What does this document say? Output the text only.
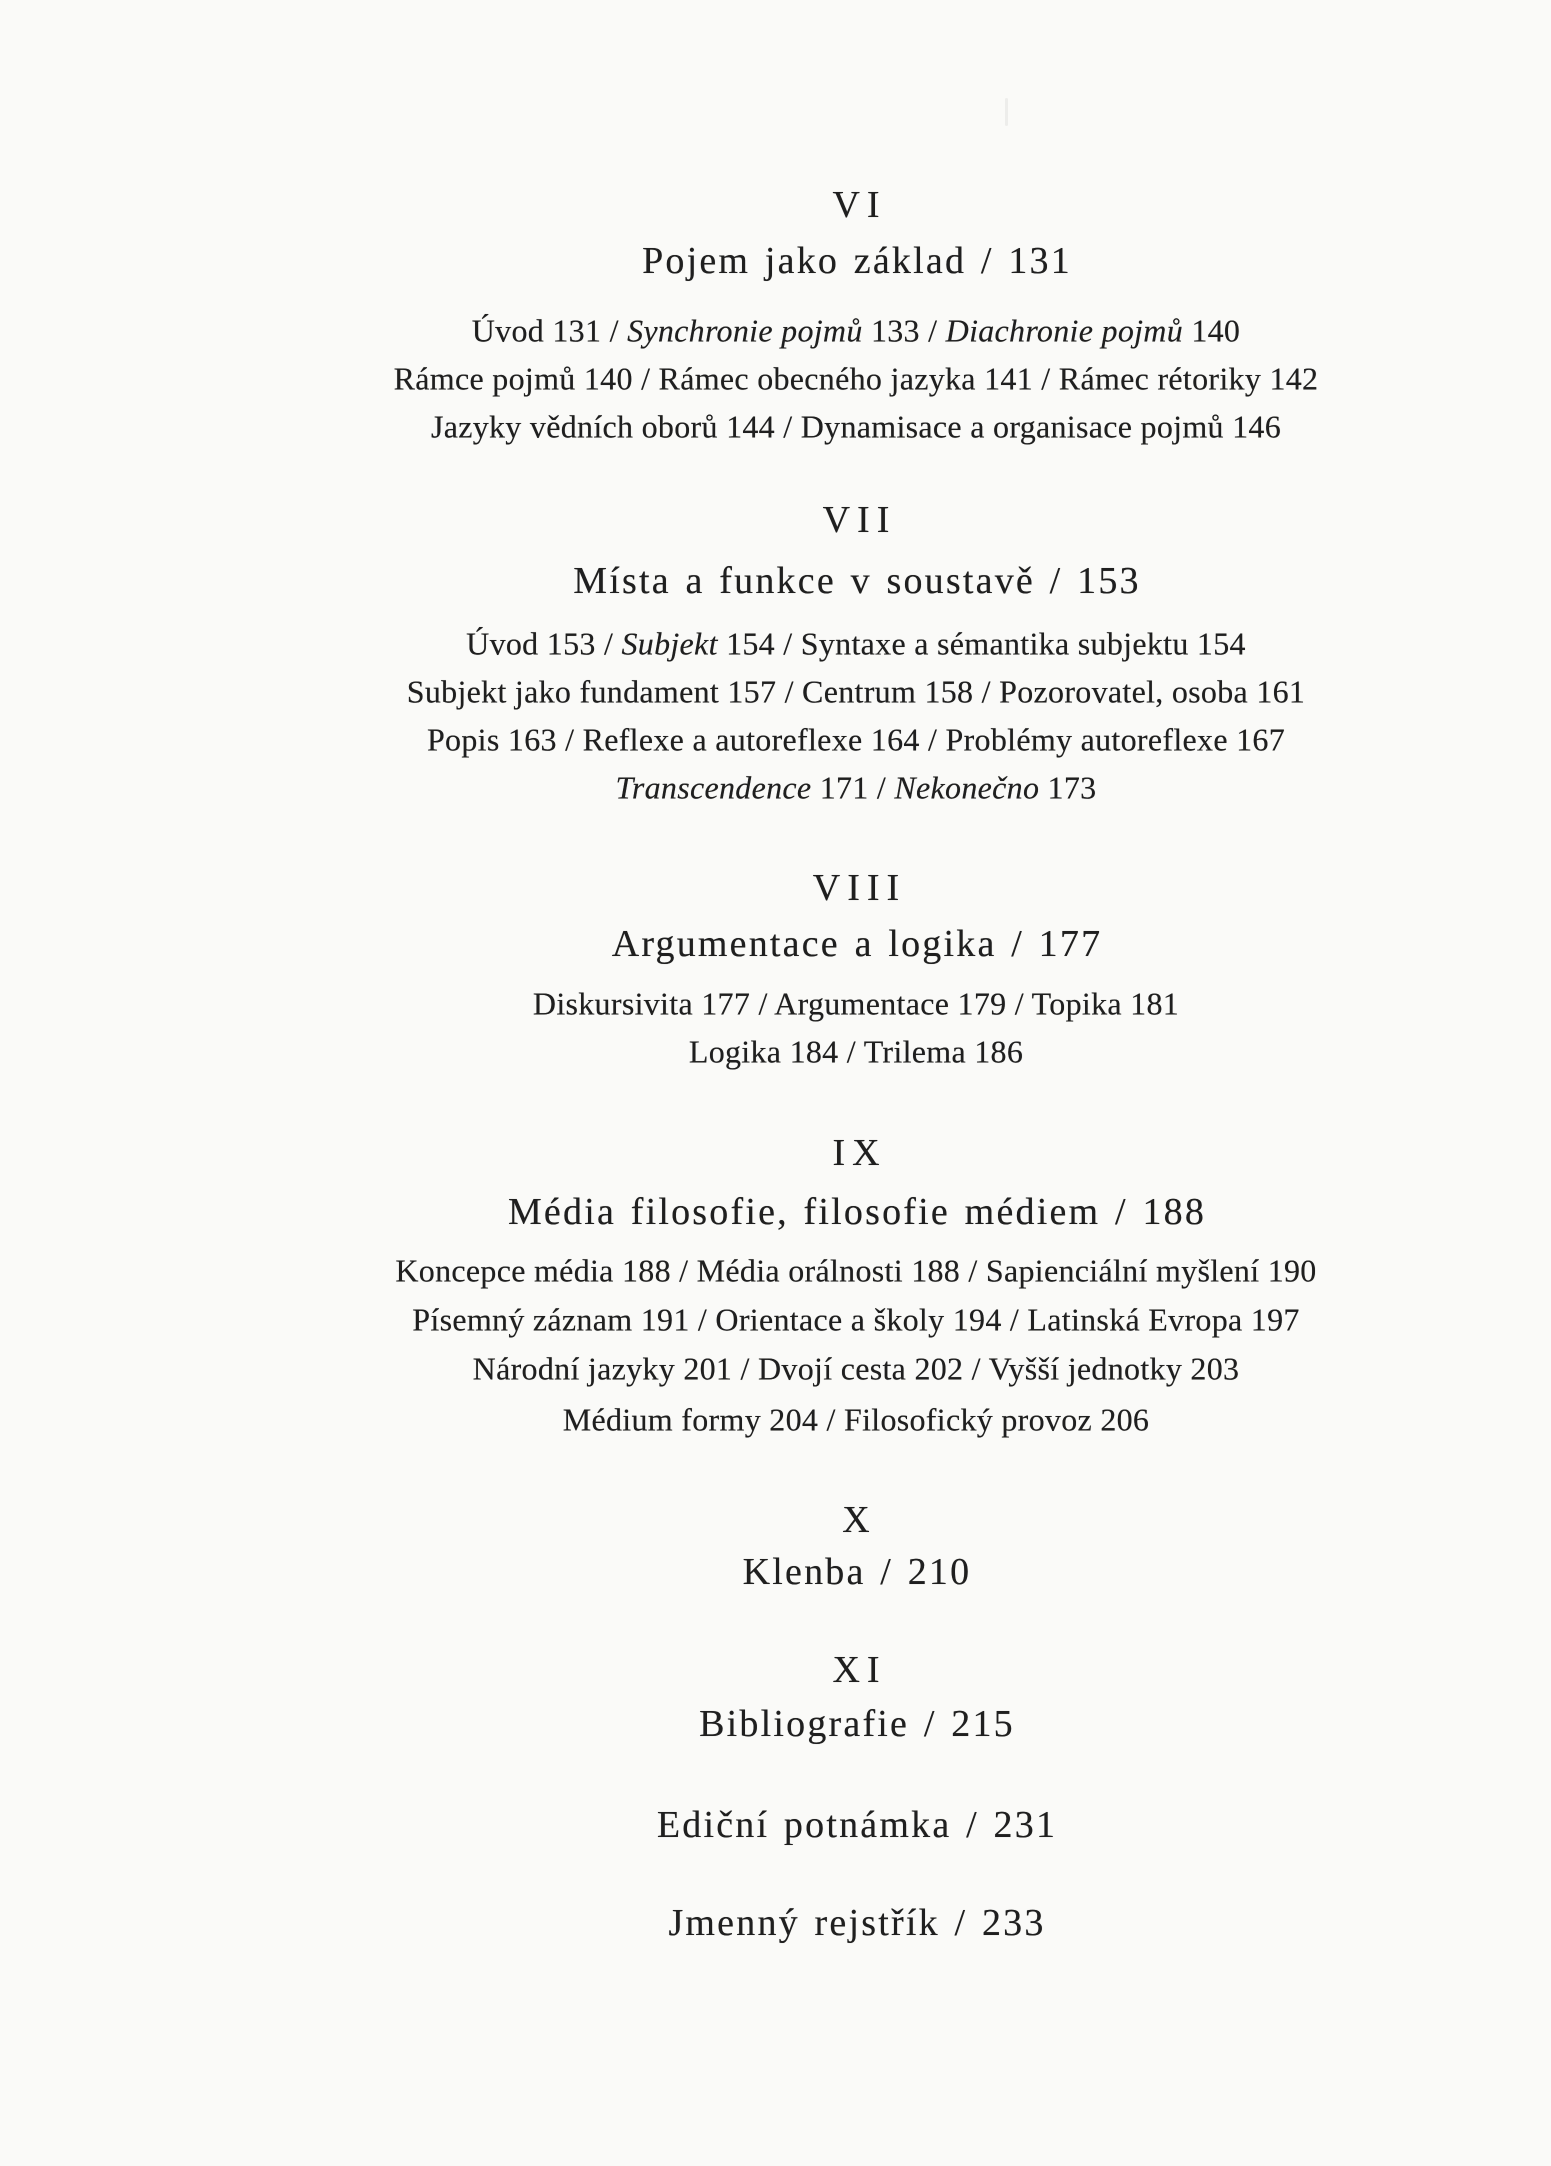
VI
Pojem jako základ / 131
Úvod 131 / Synchronie pojmů 133 / Diachronie pojmů 140
Rámce pojmů 140 / Rámec obecného jazyka 141 / Rámec rétoriky 142
Jazyky vědních oborů 144 / Dynamisace a organisace pojmů 146
VII
Místa a funkce v soustavě / 153
Úvod 153 / Subjekt 154 / Syntaxe a sémantika subjektu 154
Subjekt jako fundament 157 / Centrum 158 / Pozorovatel, osoba 161
Popis 163 / Reflexe a autoreflexe 164 / Problémy autoreflexe 167
Transcendence 171 / Nekonečno 173
VIII
Argumentace a logika / 177
Diskursivita 177 / Argumentace 179 / Topika 181
Logika 184 / Trilema 186
IX
Média filosofie, filosofie médiem / 188
Koncepce média 188 / Média orálnosti 188 / Sapienciální myšlení 190
Písemný záznam 191 / Orientace a školy 194 / Latinská Evropa 197
Národní jazyky 201 / Dvojí cesta 202 / Vyšší jednotky 203
Médium formy 204 / Filosofický provoz 206
X
Klenba / 210
XI
Bibliografie / 215
Ediční potnámka / 231
Jmenný rejstřík / 233
